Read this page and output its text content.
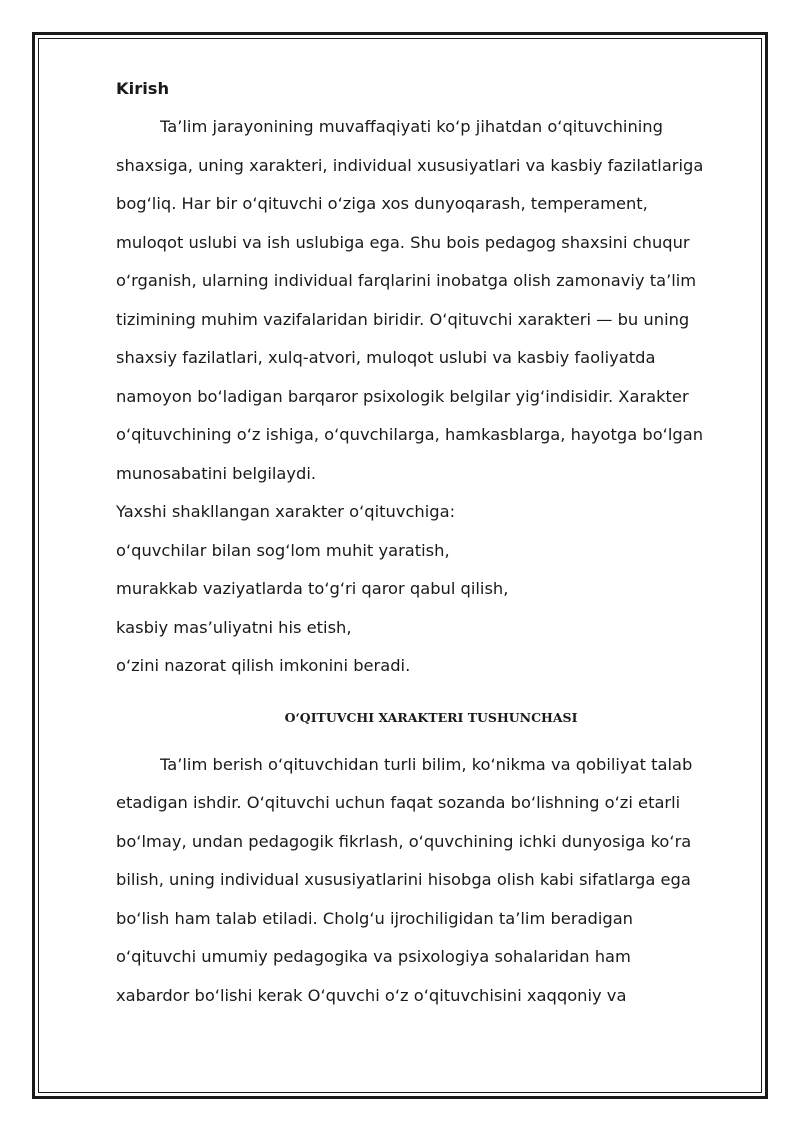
Kirish

Ta’lim jarayonining muvaffaqiyati ko‘p jihatdan o‘qituvchining
shaxsiga, uning xarakteri, individual xususiyatlari va kasbiy fazilatlariga
bog‘liq. Har bir o‘qituvchi o‘ziga xos dunyoqarash, temperament,
muloqot uslubi va ish uslubiga ega. Shu bois pedagog shaxsini chuqur
o‘rganish, ularning individual farqlarini inobatga olish zamonaviy ta’lim
tizimining muhim vazifalaridan biridir. O‘qituvchi xarakteri — bu uning
shaxsiy fazilatlari, xulq-atvori, muloqot uslubi va kasbiy faoliyatda
namoyon bo‘ladigan barqaror psixologik belgilar yig‘indisidir. Xarakter
o‘qituvchining o‘z ishiga, o‘quvchilarga, hamkasblarga, hayotga bo‘lgan
munosabatini belgilaydi.
Yaxshi shakllangan xarakter o‘qituvchiga:
o‘quvchilar bilan sog‘lom muhit yaratish,
murakkab vaziyatlarda to‘g‘ri qaror qabul qilish,
kasbiy mas’uliyatni his etish,
o‘zini nazorat qilish imkonini beradi.

O‘QITUVCHI XARAKTERI TUSHUNCHASI

Ta’lim berish o‘qituvchidan turli bilim, ko‘nikma va qobiliyat talab
etadigan ishdir. O‘qituvchi uchun faqat sozanda bo‘lishning o‘zi etarli
bo‘lmay, undan pedagogik fikrlash, o‘quvchining ichki dunyosiga ko‘ra
bilish, uning individual xususiyatlarini hisobga olish kabi sifatlarga ega
bo‘lish ham talab etiladi. Cholg‘u ijrochiligidan ta’lim beradigan
o‘qituvchi umumiy pedagogika va psixologiya sohalaridan ham
xabardor bo‘lishi kerak O‘quvchi o‘z o‘qituvchisini xaqqoniy va
